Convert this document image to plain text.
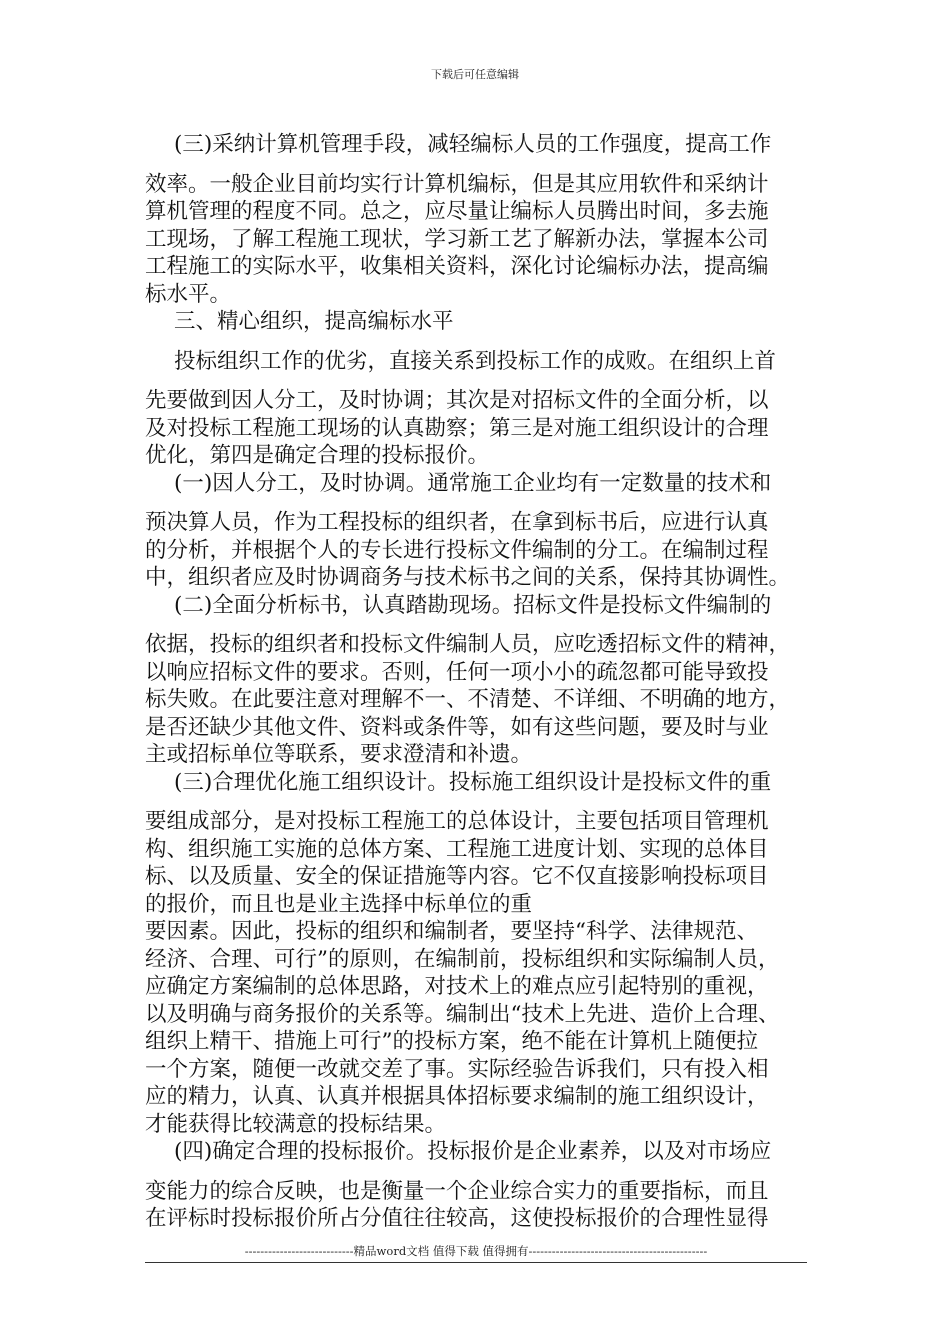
下载后可任意编辑
(三)采纳计算机管理手段，减轻编标人员的工作强度，提高工作
效率。一般企业目前均实行计算机编标，但是其应用软件和采纳计
算机管理的程度不同。总之，应尽量让编标人员腾出时间，多去施
工现场，了解工程施工现状，学习新工艺了解新办法，掌握本公司
工程施工的实际水平，收集相关资料，深化讨论编标办法，提高编
标水平。
三、精心组织，提高编标水平
投标组织工作的优劣，直接关系到投标工作的成败。在组织上首
先要做到因人分工，及时协调；其次是对招标文件的全面分析，以
及对投标工程施工现场的认真勘察；第三是对施工组织设计的合理
优化，第四是确定合理的投标报价。
(一)因人分工，及时协调。通常施工企业均有一定数量的技术和
预决算人员，作为工程投标的组织者，在拿到标书后，应进行认真
的分析，并根据个人的专长进行投标文件编制的分工。在编制过程
中，组织者应及时协调商务与技术标书之间的关系，保持其协调性。
(二)全面分析标书，认真踏勘现场。招标文件是投标文件编制的
依据，投标的组织者和投标文件编制人员，应吃透招标文件的精神，
以响应招标文件的要求。否则，任何一项小小的疏忽都可能导致投
标失败。在此要注意对理解不一、不清楚、不详细、不明确的地方，
是否还缺少其他文件、资料或条件等，如有这些问题，要及时与业
主或招标单位等联系，要求澄清和补遗。
(三)合理优化施工组织设计。投标施工组织设计是投标文件的重
要组成部分，是对投标工程施工的总体设计，主要包括项目管理机
构、组织施工实施的总体方案、工程施工进度计划、实现的总体目
标、以及质量、安全的保证措施等内容。它不仅直接影响投标项目
的报价，而且也是业主选择中标单位的重
要因素。因此，投标的组织和编制者，要坚持“科学、法律规范、
经济、合理、可行”的原则，在编制前，投标组织和实际编制人员，
应确定方案编制的总体思路，对技术上的难点应引起特别的重视，
以及明确与商务报价的关系等。编制出“技术上先进、造价上合理、
组织上精干、措施上可行”的投标方案，绝不能在计算机上随便拉
一个方案，随便一改就交差了事。实际经验告诉我们，只有投入相
应的精力，认真、认真并根据具体招标要求编制的施工组织设计，
才能获得比较满意的投标结果。
(四)确定合理的投标报价。投标报价是企业素养，以及对市场应
变能力的综合反映，也是衡量一个企业综合实力的重要指标，而且
在评标时投标报价所占分值往往较高，这使投标报价的合理性显得
----------------------------精品word文档 值得下载 值得拥有----------------------------------------------
